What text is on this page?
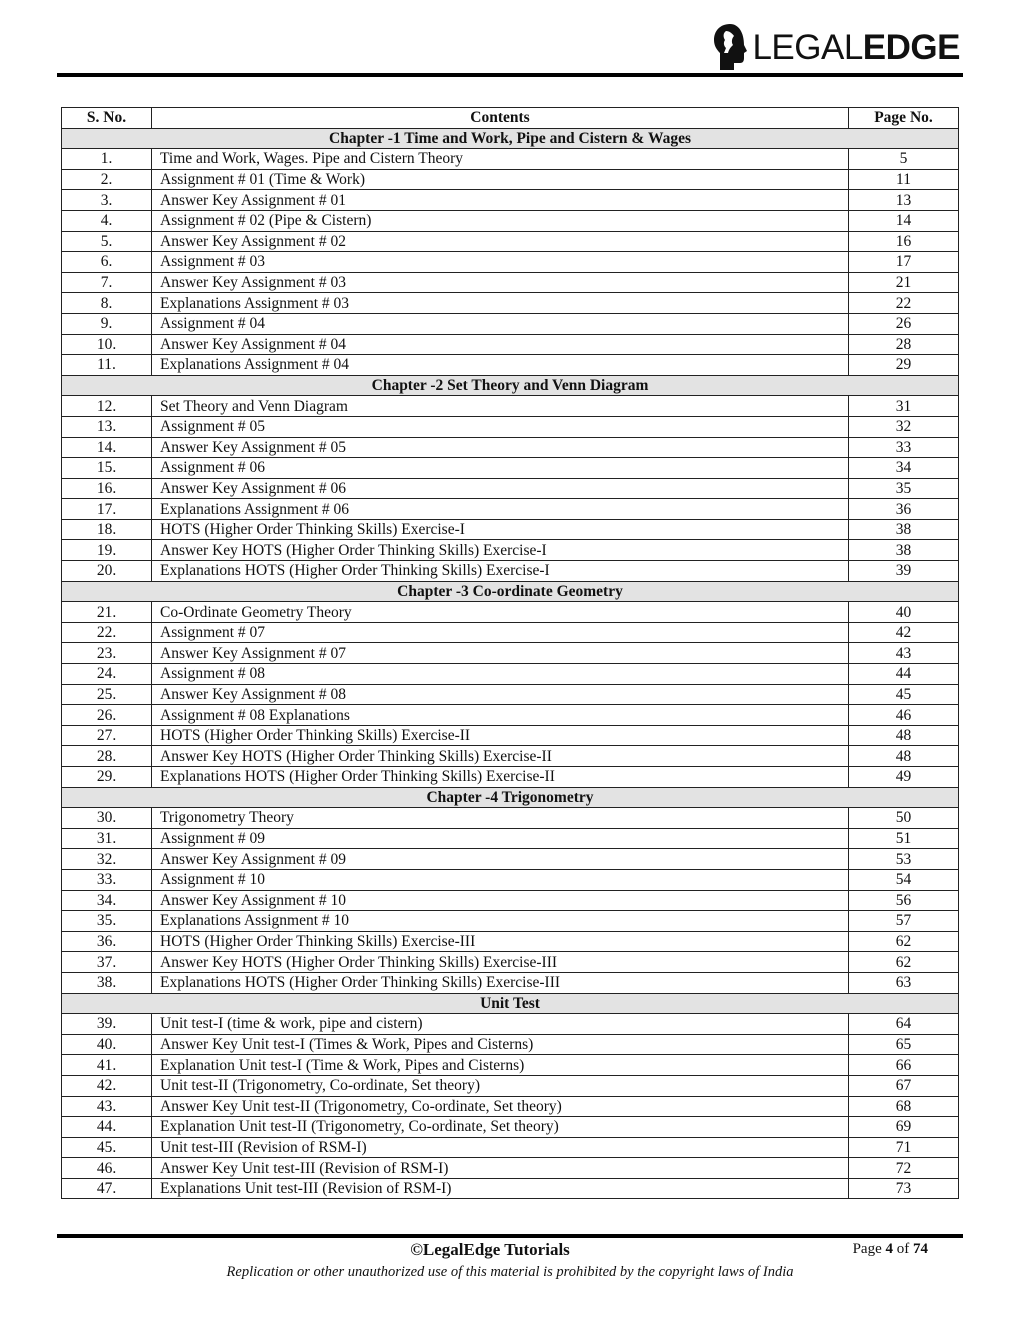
LEGALEDGE
S. No.	Contents	Page No.
Chapter -1 Time and Work, Pipe and Cistern & Wages		
1.	Time and Work, Wages. Pipe and Cistern Theory	5
2.	Assignment # 01 (Time & Work)	11
3.	Answer Key Assignment # 01	13
4.	Assignment # 02 (Pipe & Cistern)	14
5.	Answer Key Assignment # 02	16
6.	Assignment # 03	17
7.	Answer Key Assignment # 03	21
8.	Explanations Assignment # 03	22
9.	Assignment # 04	26
10.	Answer Key Assignment # 04	28
11.	Explanations Assignment # 04	29
Chapter -2 Set Theory and Venn Diagram		
12.	Set Theory and Venn Diagram	31
13.	Assignment # 05	32
14.	Answer Key Assignment # 05	33
15.	Assignment # 06	34
16.	Answer Key Assignment # 06	35
17.	Explanations Assignment # 06	36
18.	HOTS (Higher Order Thinking Skills) Exercise-I	38
19.	Answer Key HOTS (Higher Order Thinking Skills) Exercise-I	38
20.	Explanations HOTS (Higher Order Thinking Skills) Exercise-I	39
Chapter -3 Co-ordinate Geometry		
21.	Co-Ordinate Geometry Theory	40
22.	Assignment # 07	42
23.	Answer Key Assignment # 07	43
24.	Assignment # 08	44
25.	Answer Key Assignment # 08	45
26.	Assignment # 08 Explanations	46
27.	HOTS (Higher Order Thinking Skills) Exercise-II	48
28.	Answer Key HOTS (Higher Order Thinking Skills) Exercise-II	48
29.	Explanations HOTS (Higher Order Thinking Skills) Exercise-II	49
Chapter -4 Trigonometry		
30.	Trigonometry Theory	50
31.	Assignment # 09	51
32.	Answer Key Assignment # 09	53
33.	Assignment # 10	54
34.	Answer Key Assignment # 10	56
35.	Explanations Assignment # 10	57
36.	HOTS (Higher Order Thinking Skills) Exercise-III	62
37.	Answer Key HOTS (Higher Order Thinking Skills) Exercise-III	62
38.	Explanations HOTS (Higher Order Thinking Skills) Exercise-III	63
Unit Test		
39.	Unit test-I (time & work, pipe and cistern)	64
40.	Answer Key Unit test-I (Times & Work, Pipes and Cisterns)	65
41.	Explanation Unit test-I (Time & Work, Pipes and Cisterns)	66
42.	Unit test-II (Trigonometry, Co-ordinate, Set theory)	67
43.	Answer Key Unit test-II (Trigonometry, Co-ordinate, Set theory)	68
44.	Explanation Unit test-II (Trigonometry, Co-ordinate, Set theory)	69
45.	Unit test-III (Revision of RSM-I)	71
46.	Answer Key Unit test-III (Revision of RSM-I)	72
47.	Explanations Unit test-III (Revision of RSM-I)	73
©LegalEdge Tutorials	Page 4 of 74
Replication or other unauthorized use of this material is prohibited by the copyright laws of India
